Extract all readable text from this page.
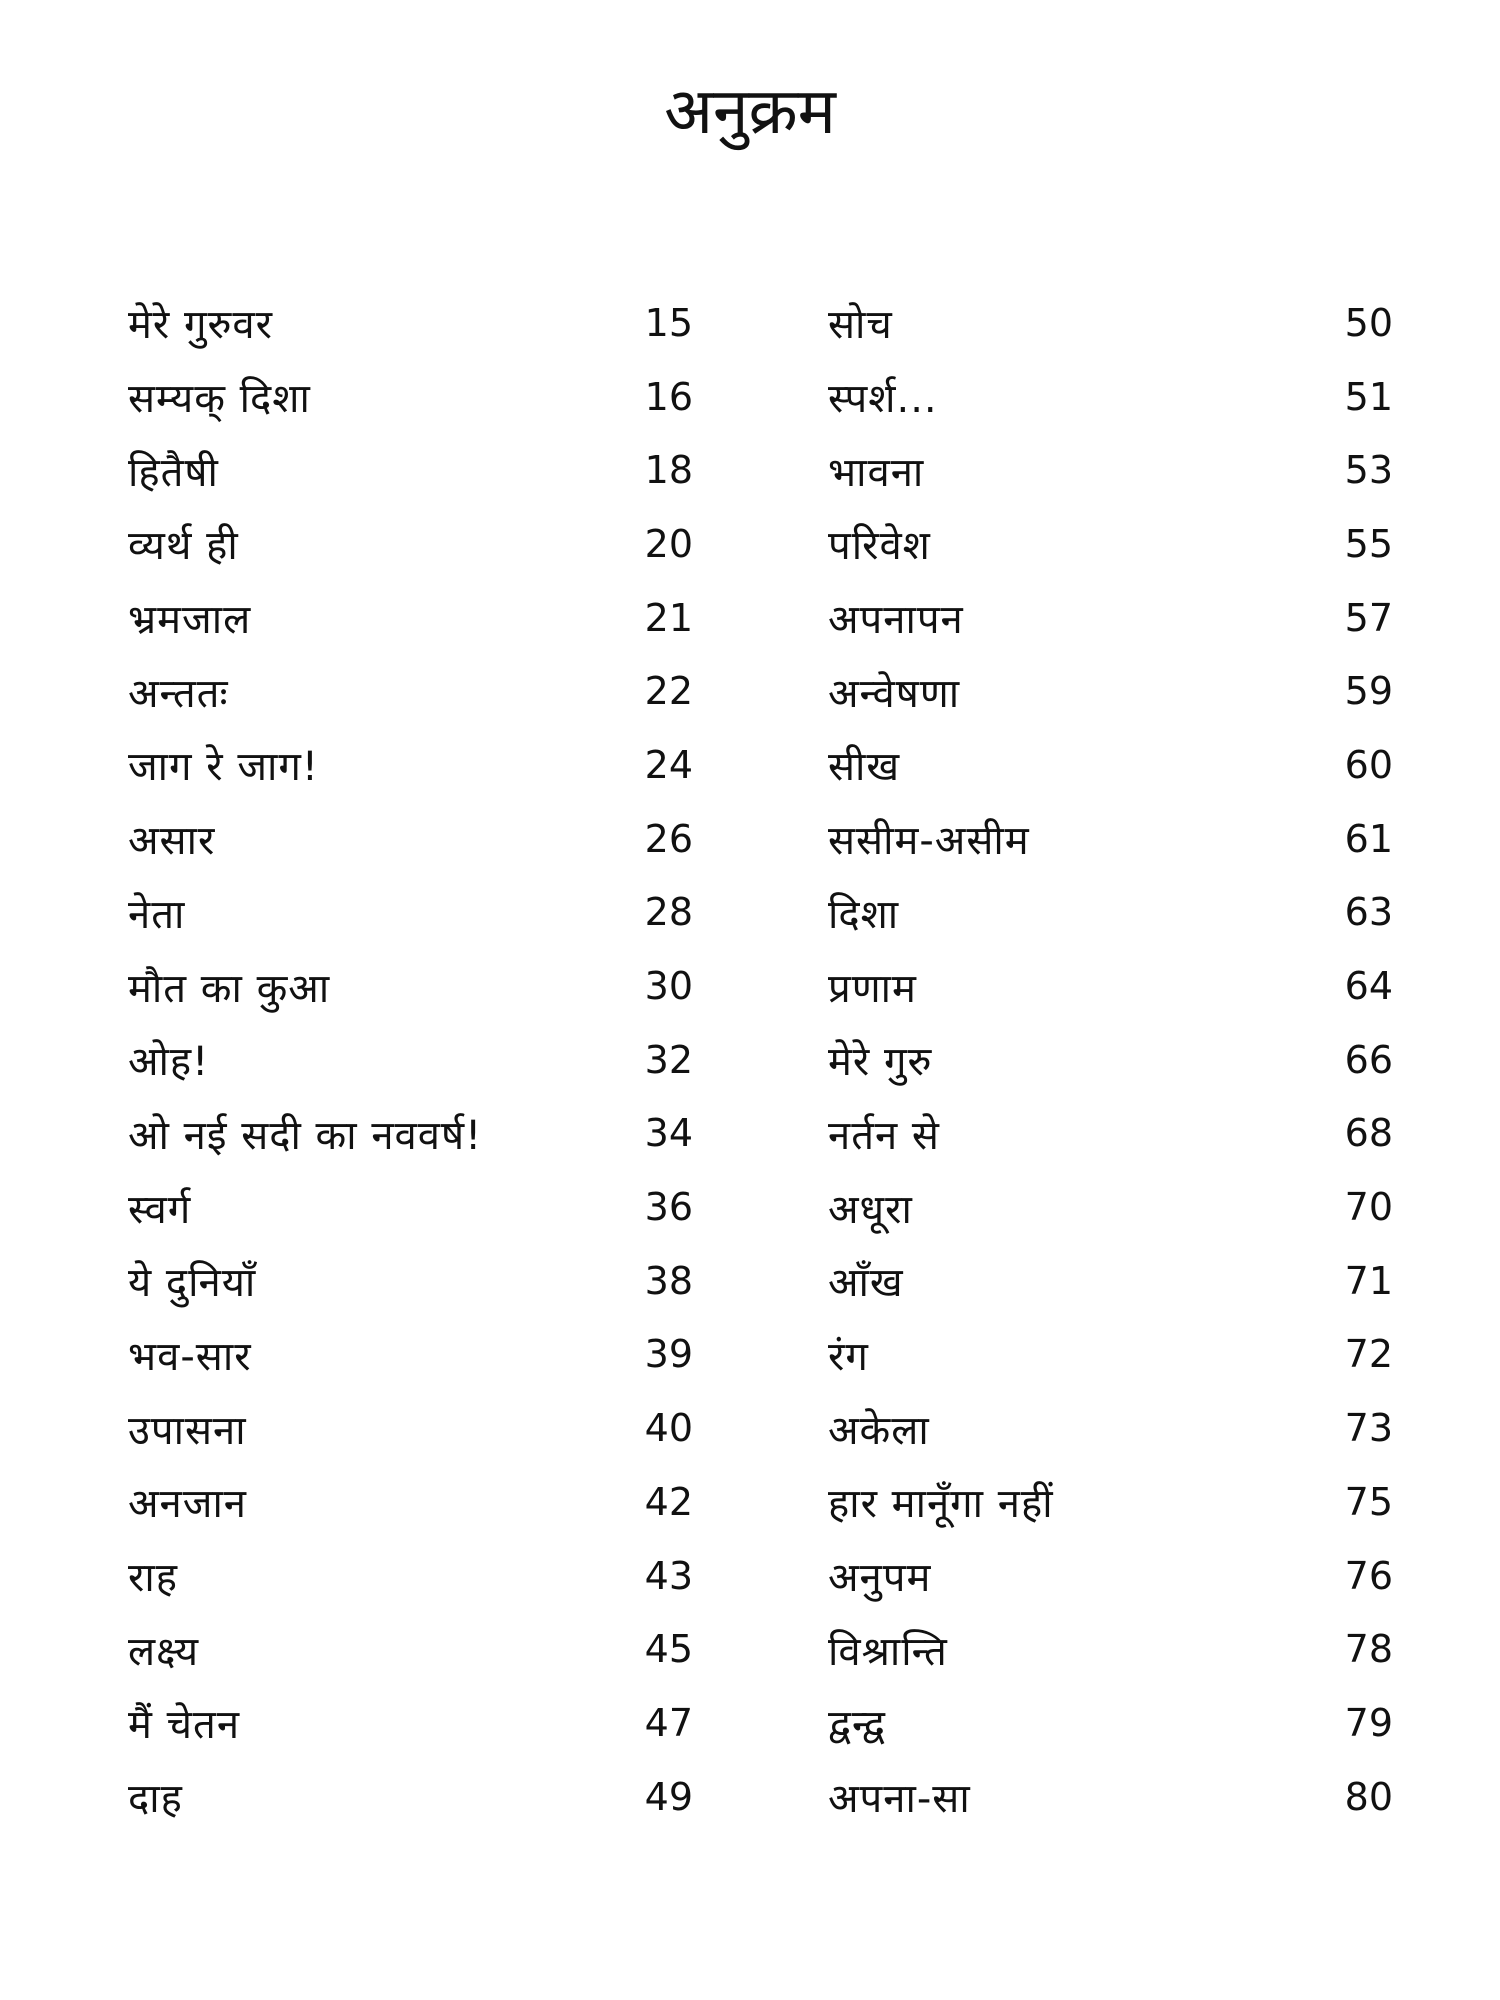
अनुक्रम
मेरे गुरुवर	15
सम्यक् दिशा	16
हितैषी	18
व्यर्थ ही	20
भ्रमजाल	21
अन्ततः	22
जाग रे जाग!	24
असार	26
नेता	28
मौत का कुआ	30
ओह!	32
ओ नई सदी का नववर्ष!	34
स्वर्ग	36
ये दुनियाँ	38
भव-सार	39
उपासना	40
अनजान	42
राह	43
लक्ष्य	45
मैं चेतन	47
दाह	49
सोच	50
स्पर्श...	51
भावना	53
परिवेश	55
अपनापन	57
अन्वेषणा	59
सीख	60
ससीम-असीम	61
दिशा	63
प्रणाम	64
मेरे गुरु	66
नर्तन से	68
अधूरा	70
आँख	71
रंग	72
अकेला	73
हार मानूँगा नहीं	75
अनुपम	76
विश्रान्ति	78
द्वन्द्व	79
अपना-सा	80
